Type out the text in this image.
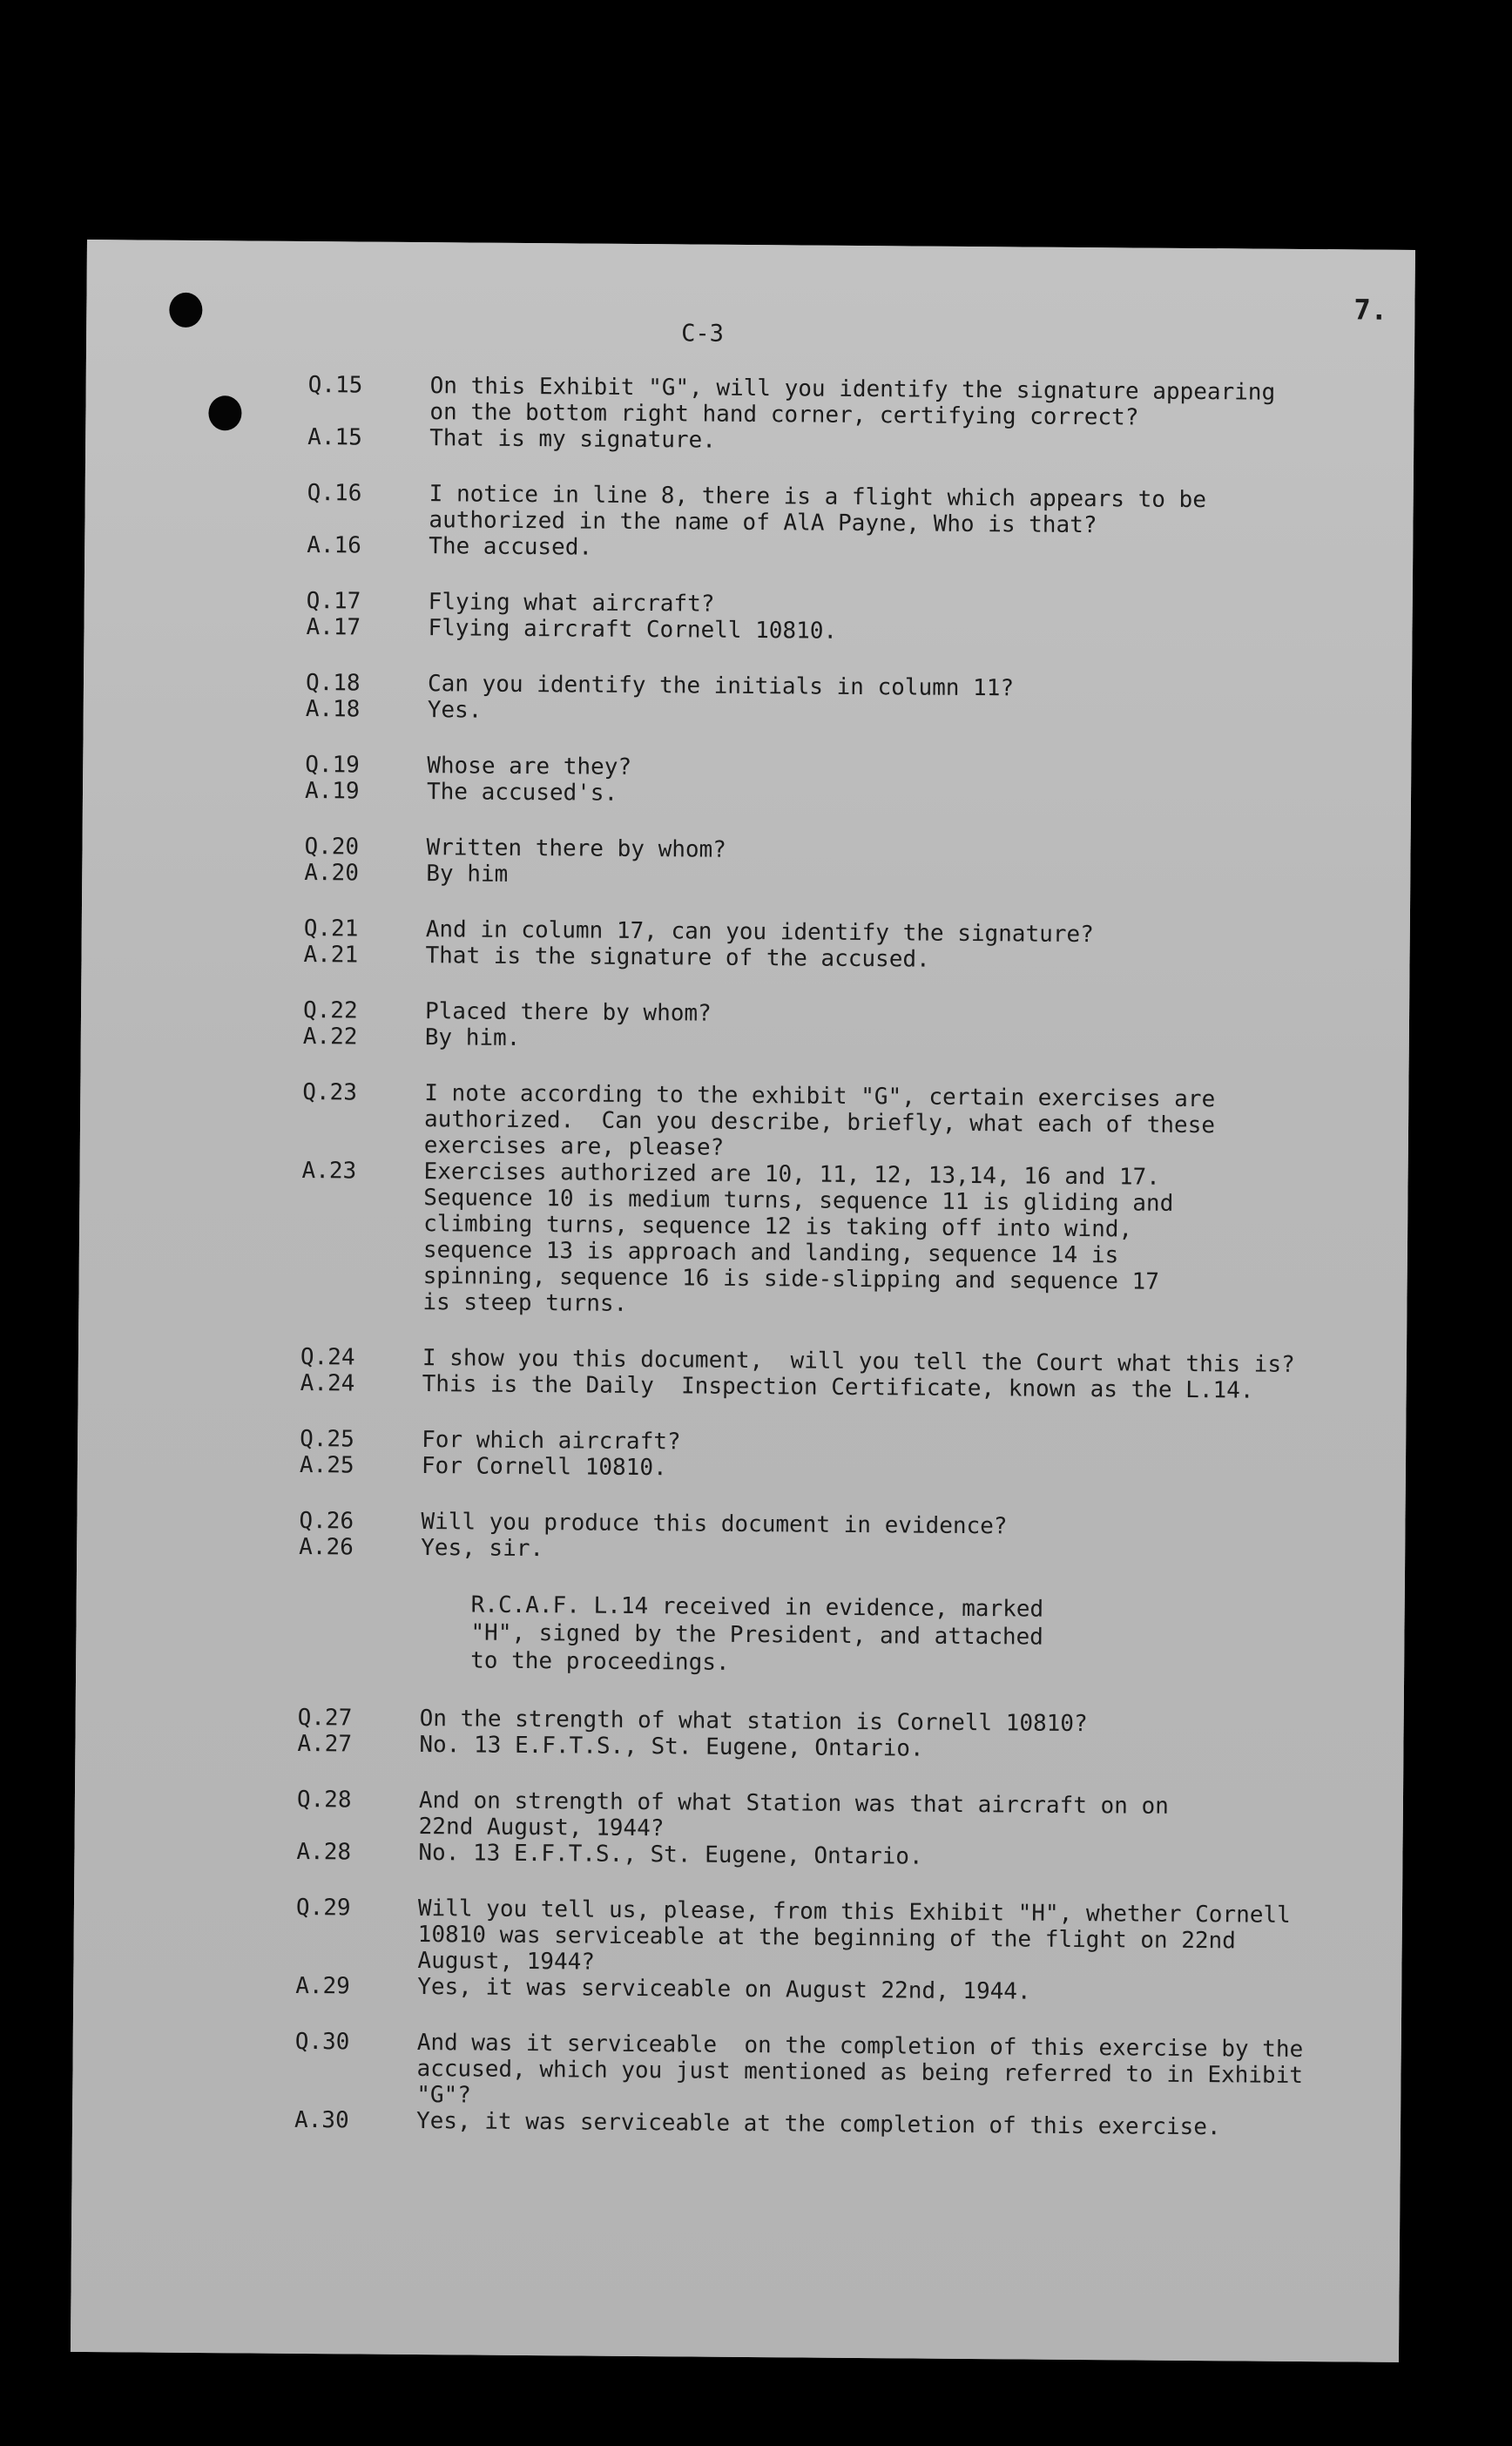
7.
C-3
Q.15	On this Exhibit "G", will you identify the signature appearing
on the bottom right hand corner, certifying correct?
A.15	That is my signature.
Q.16	I notice in line 8, there is a flight which appears to be
authorized in the name of AlA Payne, Who is that?
A.16	The accused.
Q.17	Flying what aircraft?
A.17	Flying aircraft Cornell 10810.
Q.18	Can you identify the initials in column 11?
A.18	Yes.
Q.19	Whose are they?
A.19	The accused's.
Q.20	Written there by whom?
A.20	By him
Q.21	And in column 17, can you identify the signature?
A.21	That is the signature of the accused.
Q.22	Placed there by whom?
A.22	By him.
Q.23	I note according to the exhibit "G", certain exercises are
authorized.  Can you describe, briefly, what each of these
exercises are, please?
A.23	Exercises authorized are 10, 11, 12, 13,14, 16 and 17.
Sequence 10 is medium turns, sequence 11 is gliding and
climbing turns, sequence 12 is taking off into wind,
sequence 13 is approach and landing, sequence 14 is
spinning, sequence 16 is side-slipping and sequence 17
is steep turns.
Q.24	I show you this document,  will you tell the Court what this is?
A.24	This is the Daily  Inspection Certificate, known as the L.14.
Q.25	For which aircraft?
A.25	For Cornell 10810.
Q.26	Will you produce this document in evidence?
A.26	Yes, sir.
R.C.A.F. L.14 received in evidence, marked
"H", signed by the President, and attached
to the proceedings.
Q.27	On the strength of what station is Cornell 10810?
A.27	No. 13 E.F.T.S., St. Eugene, Ontario.
Q.28	And on strength of what Station was that aircraft on on
22nd August, 1944?
A.28	No. 13 E.F.T.S., St. Eugene, Ontario.
Q.29	Will you tell us, please, from this Exhibit "H", whether Cornell
10810 was serviceable at the beginning of the flight on 22nd
August, 1944?
A.29	Yes, it was serviceable on August 22nd, 1944.
Q.30	And was it serviceable  on the completion of this exercise by the
accused, which you just mentioned as being referred to in Exhibit
"G"?
A.30	Yes, it was serviceable at the completion of this exercise.
